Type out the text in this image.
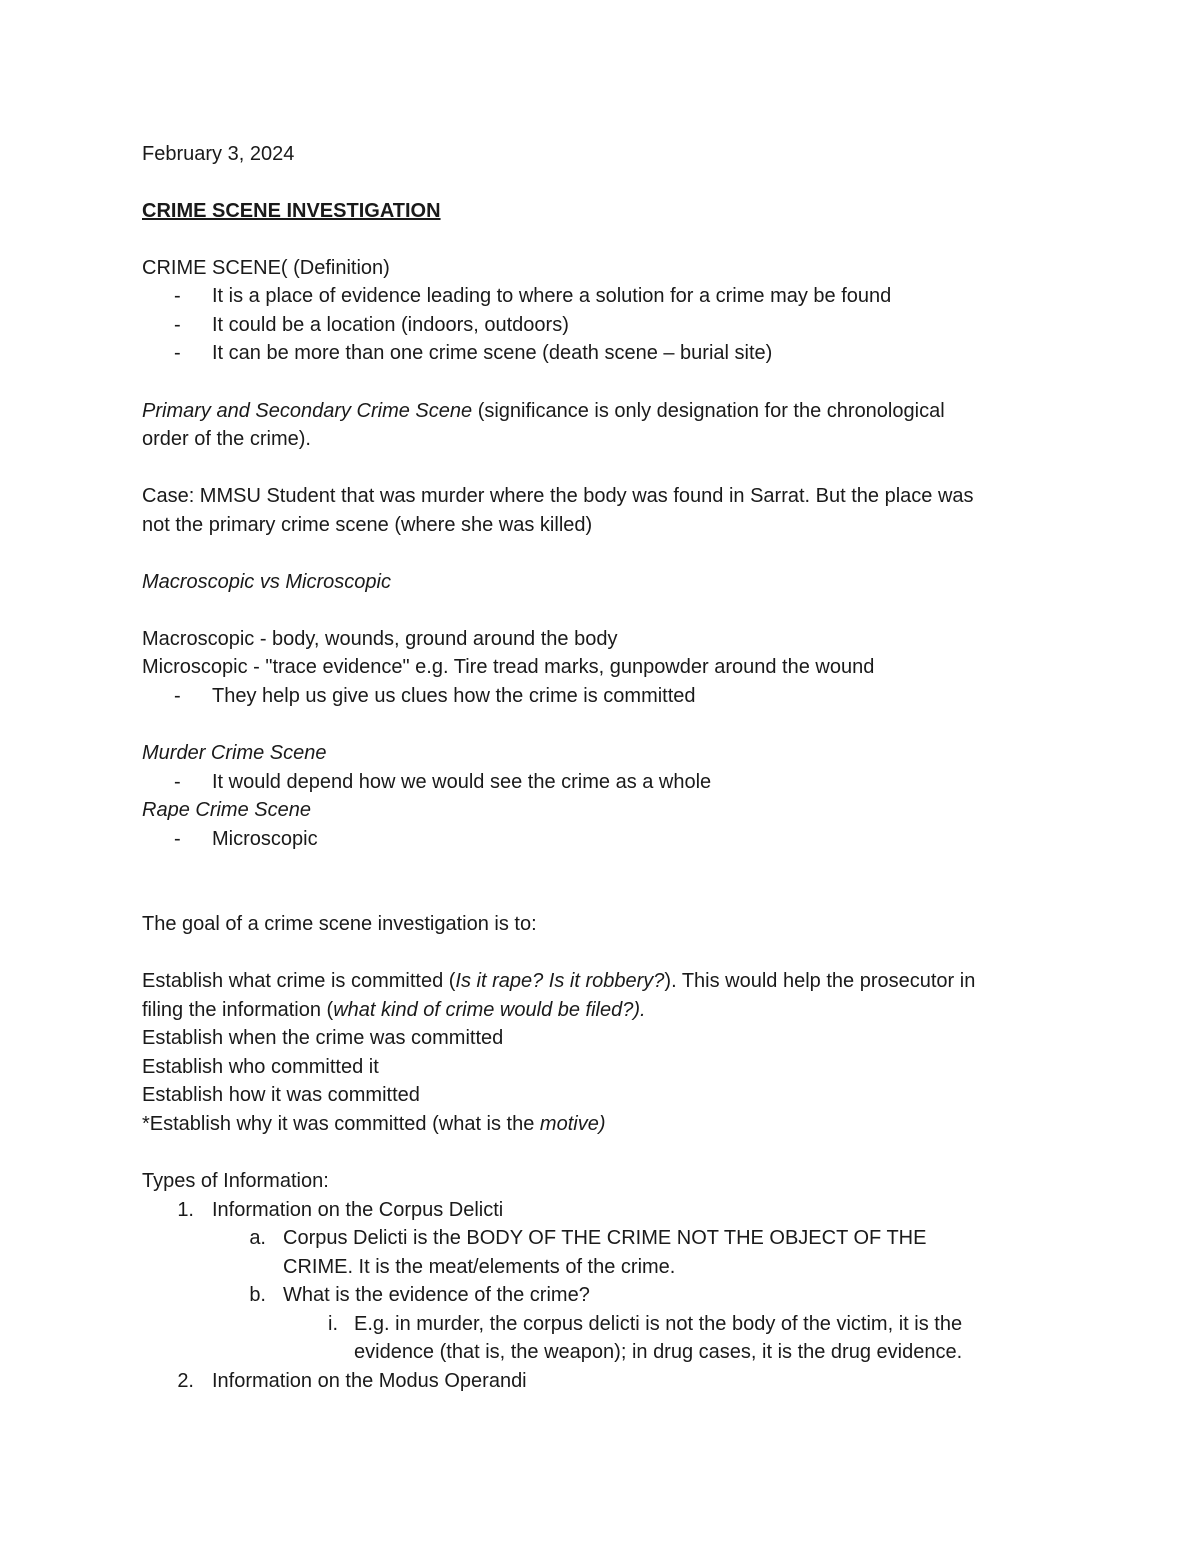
February 3, 2024
CRIME SCENE INVESTIGATION
CRIME SCENE( (Definition)
- It is a place of evidence leading to where a solution for a crime may be found
- It could be a location (indoors, outdoors)
- It can be more than one crime scene (death scene – burial site)
Primary and Secondary Crime Scene (significance is only designation for the chronological
order of the crime).
Case: MMSU Student that was murder where the body was found in Sarrat. But the place was
not the primary crime scene (where she was killed)
Macroscopic vs Microscopic
Macroscopic - body, wounds, ground around the body
Microscopic - "trace evidence" e.g. Tire tread marks, gunpowder around the wound
- They help us give us clues how the crime is committed
Murder Crime Scene
- It would depend how we would see the crime as a whole
Rape Crime Scene
- Microscopic
The goal of a crime scene investigation is to:
Establish what crime is committed (Is it rape? Is it robbery?). This would help the prosecutor in
filing the information (what kind of crime would be filed?).
Establish when the crime was committed
Establish who committed it
Establish how it was committed
*Establish why it was committed (what is the motive)
Types of Information:
1. Information on the Corpus Delicti
a. Corpus Delicti is the BODY OF THE CRIME NOT THE OBJECT OF THE
CRIME. It is the meat/elements of the crime.
b. What is the evidence of the crime?
i. E.g. in murder, the corpus delicti is not the body of the victim, it is the
evidence (that is, the weapon); in drug cases, it is the drug evidence.
2. Information on the Modus Operandi
